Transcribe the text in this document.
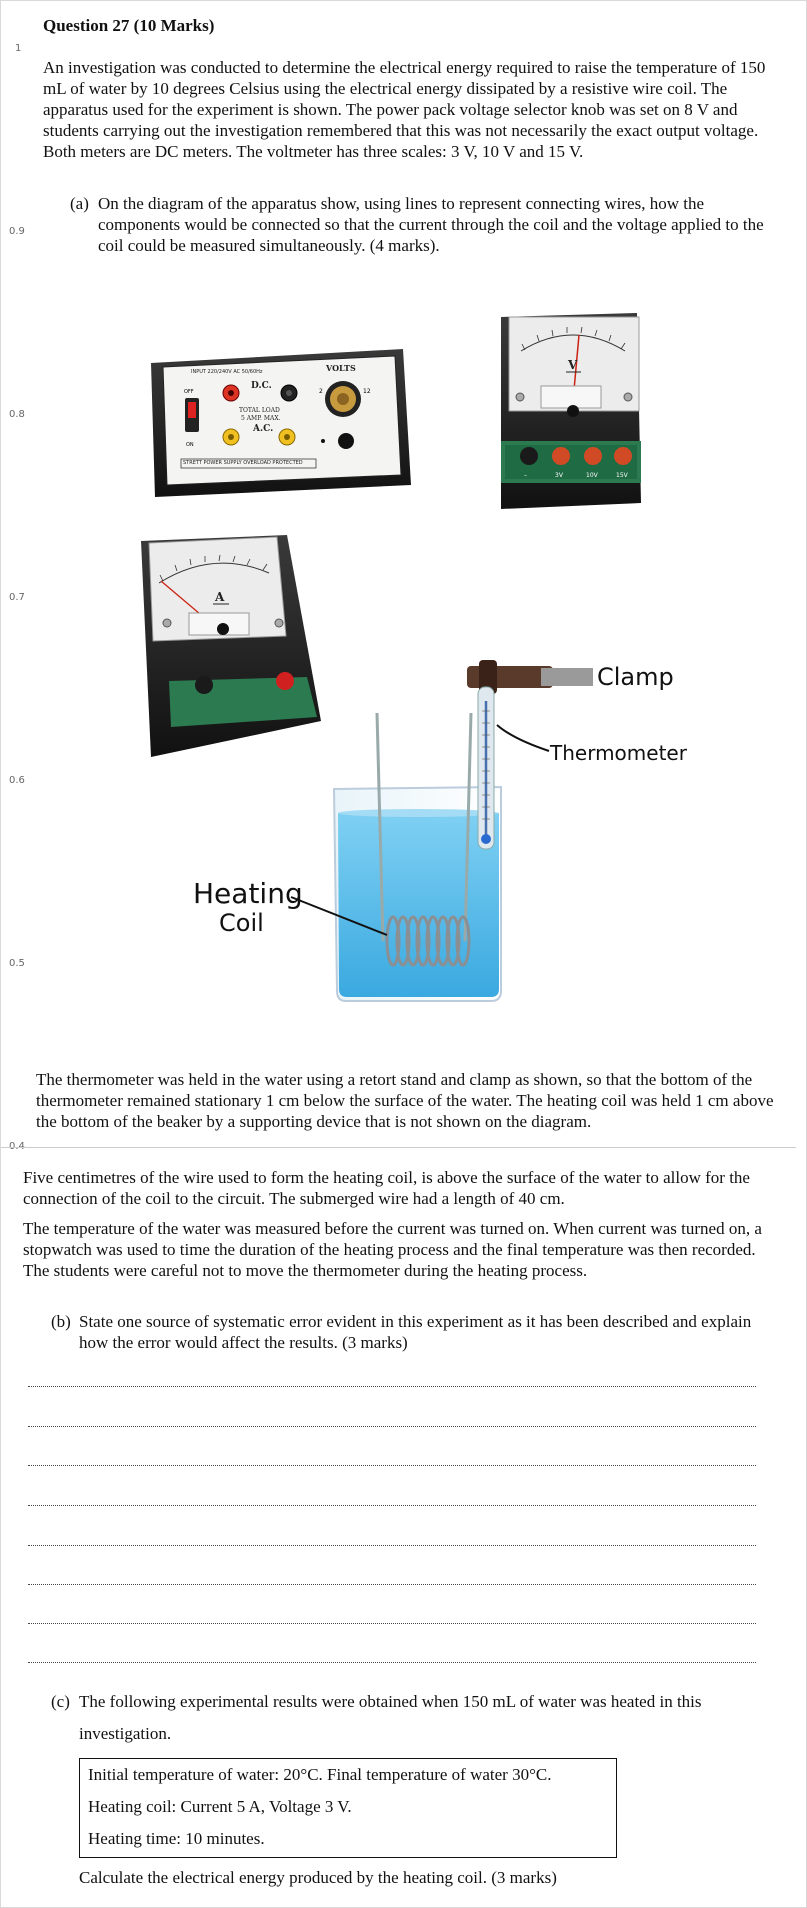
1
0.9
0.8
0.7
0.6
0.5
0.4
Question 27 (10 Marks)
An investigation was conducted to determine the electrical energy required to raise the temperature of 150 mL of water by 10 degrees Celsius using the electrical energy dissipated by a resistive wire coil. The apparatus used for the experiment is shown. The power pack voltage selector knob was set on 8 V and students carrying out the investigation remembered that this was not necessarily the exact output voltage. Both meters are DC meters. The voltmeter has three scales: 3 V, 10 V and 15 V.
(a) On the diagram of the apparatus show, using lines to represent connecting wires, how the components would be connected so that the current through the coil and the voltage applied to the coil could be measured simultaneously. (4 marks).
INPUT 220/240V AC 50/60Hz	VOLTS
D.C.
TOTAL LOAD
5 AMP. MAX.
A.C.
STRETT POWER SUPPLY OVERLOAD PROTECTED
OFF
ON
2	12
V
–	3V	10V	15V
A
Clamp
Thermometer
Heating
Coil
The thermometer was held in the water using a retort stand and clamp as shown, so that the bottom of the thermometer remained stationary 1 cm below the surface of the water. The heating coil was held 1 cm above the bottom of the beaker by a supporting device that is not shown on the diagram.
Five centimetres of the wire used to form the heating coil, is above the surface of the water to allow for the connection of the coil to the circuit. The submerged wire had a length of 40 cm.
The temperature of the water was measured before the current was turned on. When current was turned on, a stopwatch was used to time the duration of the heating process and the final temperature was then recorded. The students were careful not to move the thermometer during the heating process.
(b) State one source of systematic error evident in this experiment as it has been described and explain how the error would affect the results. (3 marks)
(c) The following experimental results were obtained when 150 mL of water was heated in this investigation.
Initial temperature of water: 20°C. Final temperature of water 30°C.
Heating coil: Current 5 A, Voltage 3 V.
Heating time: 10 minutes.
Calculate the electrical energy produced by the heating coil. (3 marks)
